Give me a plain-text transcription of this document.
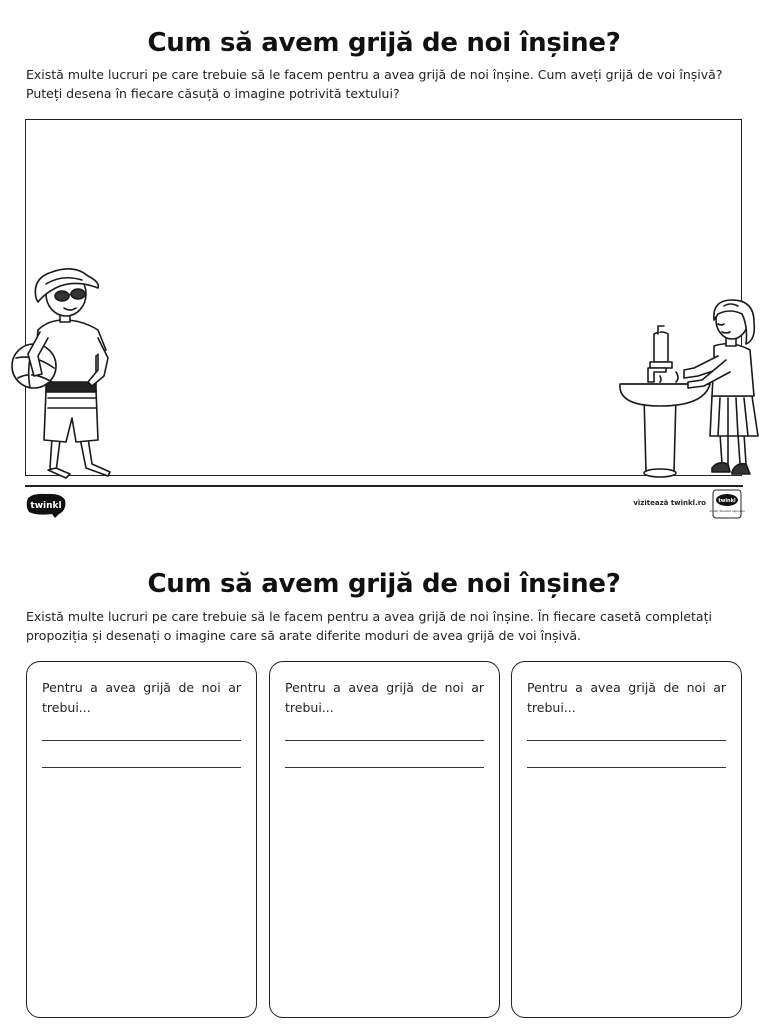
Cum să avem grijă de noi înșine?
Există multe lucruri pe care trebuie să le facem pentru a avea grijă de noi înșine. Cum aveți grijă de voi înșivă? Puteți desena în fiecare căsuță o imagine potrivită textului?
twinkl	vizitează twinkl.ro twinkl
Quality Standard Approved
Cum să avem grijă de noi înșine?
Există multe lucruri pe care trebuie să le facem pentru a avea grijă de noi înșine. În fiecare casetă completați propoziția și desenați o imagine care să arate diferite moduri de avea grijă de voi înșivă.
Pentru a avea grijă de noi ar trebui...
Pentru a avea grijă de noi ar trebui...
Pentru a avea grijă de noi ar trebui...
